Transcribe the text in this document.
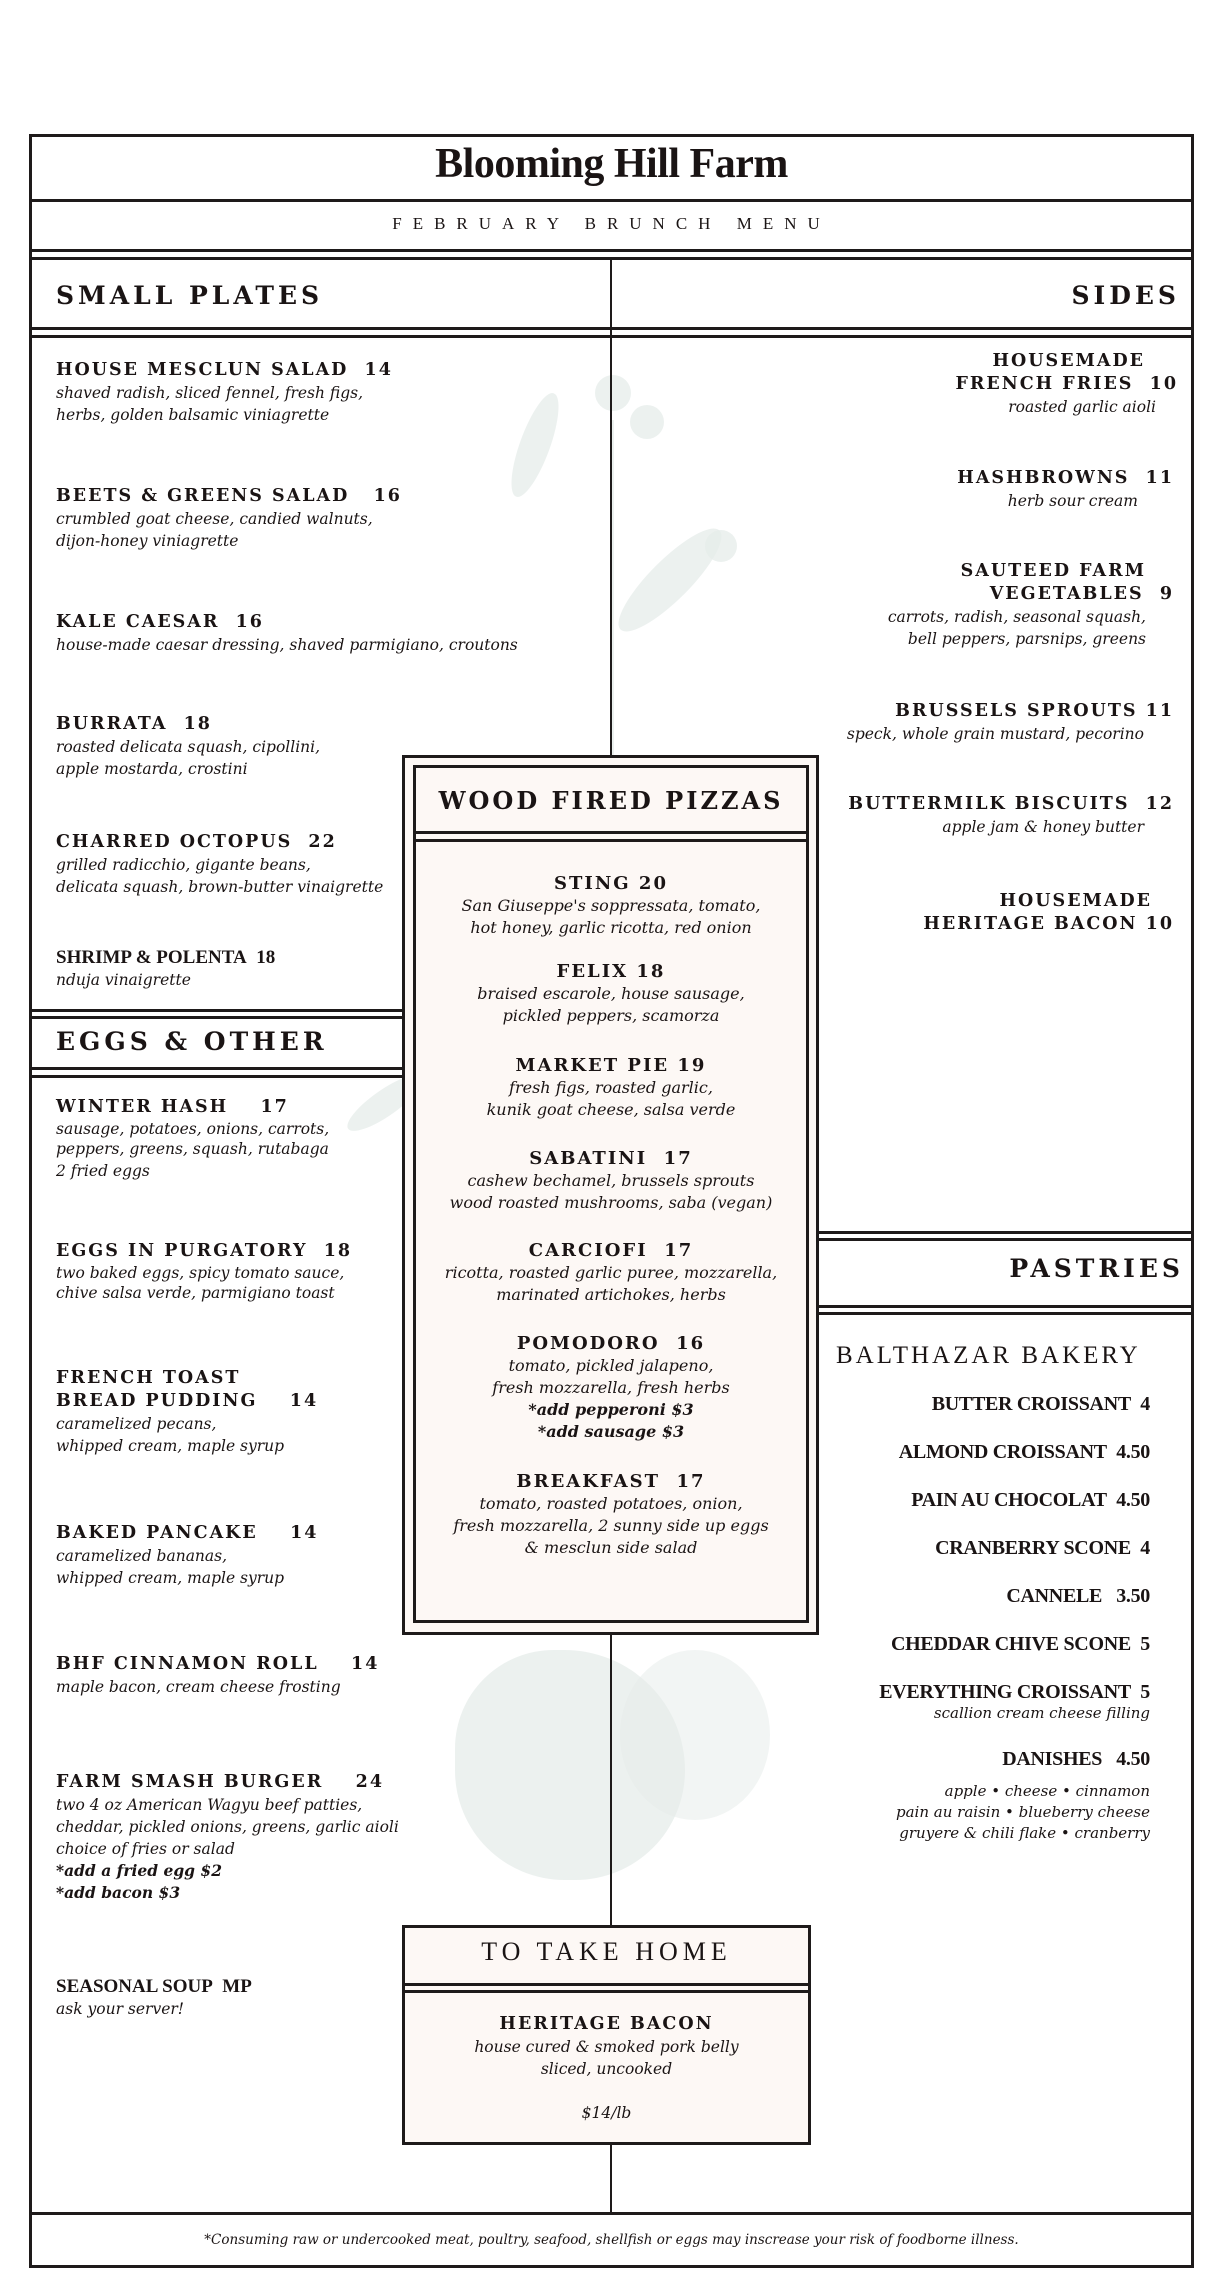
Blooming Hill Farm
FEBRUARY BRUNCH MENU
SMALL PLATES	SIDES
HOUSE MESCLUN SALAD 14
shaved radish, sliced fennel, fresh figs,
herbs, golden balsamic viniagrette
BEETS & GREENS SALAD 16
crumbled goat cheese, candied walnuts,
dijon-honey viniagrette
KALE CAESAR 16
house-made caesar dressing, shaved parmigiano, croutons
BURRATA 18
roasted delicata squash, cipollini,
apple mostarda, crostini
CHARRED OCTOPUS 22
grilled radicchio, gigante beans,
delicata squash, brown-butter vinaigrette
SHRIMP & POLENTA 18
nduja vinaigrette
EGGS & OTHER
WINTER HASH 17
sausage, potatoes, onions, carrots,
peppers, greens, squash, rutabaga
2 fried eggs
EGGS IN PURGATORY 18
two baked eggs, spicy tomato sauce,
chive salsa verde, parmigiano toast
FRENCH TOAST
BREAD PUDDING 14
caramelized pecans,
whipped cream, maple syrup
BAKED PANCAKE 14
caramelized bananas,
whipped cream, maple syrup
BHF CINNAMON ROLL 14
maple bacon, cream cheese frosting
FARM SMASH BURGER 24
two 4 oz American Wagyu beef patties,
cheddar, pickled onions, greens, garlic aioli
choice of fries or salad
*add a fried egg $2
*add bacon $3
SEASONAL SOUP MP
ask your server!
WOOD FIRED PIZZAS
STING 20
San Giuseppe's soppressata, tomato,
hot honey, garlic ricotta, red onion
FELIX 18
braised escarole, house sausage,
pickled peppers, scamorza
MARKET PIE 19
fresh figs, roasted garlic,
kunik goat cheese, salsa verde
SABATINI 17
cashew bechamel, brussels sprouts
wood roasted mushrooms, saba (vegan)
CARCIOFI 17
ricotta, roasted garlic puree, mozzarella,
marinated artichokes, herbs
POMODORO 16
tomato, pickled jalapeno,
fresh mozzarella, fresh herbs
*add pepperoni $3
*add sausage $3
BREAKFAST 17
tomato, roasted potatoes, onion,
fresh mozzarella, 2 sunny side up eggs
& mesclun side salad
HOUSEMADE
FRENCH FRIES 10
roasted garlic aioli
HASHBROWNS 11
herb sour cream
SAUTEED FARM
VEGETABLES 9
carrots, radish, seasonal squash,
bell peppers, parsnips, greens
BRUSSELS SPROUTS 11
speck, whole grain mustard, pecorino
BUTTERMILK BISCUITS 12
apple jam & honey butter
HOUSEMADE
HERITAGE BACON 10
PASTRIES
BALTHAZAR BAKERY
BUTTER CROISSANT 4
ALMOND CROISSANT 4.50
PAIN AU CHOCOLAT 4.50
CRANBERRY SCONE 4
CANNELE 3.50
CHEDDAR CHIVE SCONE 5
EVERYTHING CROISSANT 5
scallion cream cheese filling
DANISHES 4.50
apple • cheese • cinnamon
pain au raisin • blueberry cheese
gruyere & chili flake • cranberry
TO TAKE HOME
HERITAGE BACON
house cured & smoked pork belly
sliced, uncooked
$14/lb
*Consuming raw or undercooked meat, poultry, seafood, shellfish or eggs may inscrease your risk of foodborne illness.
